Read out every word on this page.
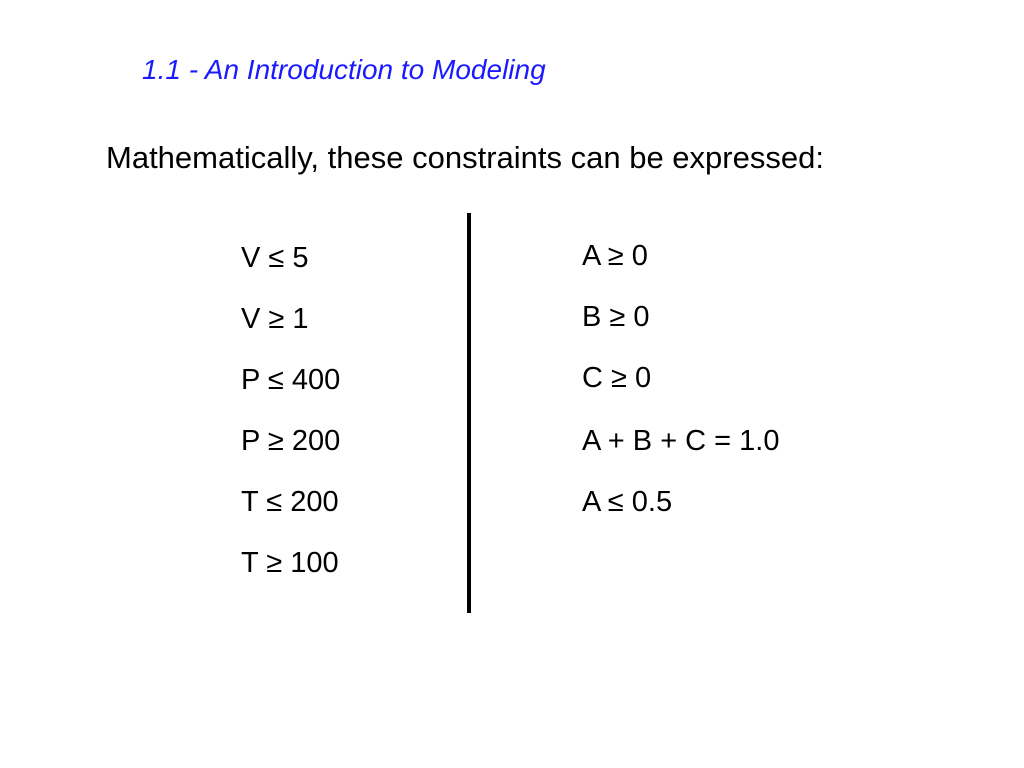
1.1 - An Introduction to Modeling
Mathematically, these constraints can be expressed:
V ≤ 5
V ≥ 1
P ≤ 400
P ≥ 200
T ≤ 200
T ≥ 100
A ≥ 0
B ≥ 0
C ≥ 0
A + B + C = 1.0
A ≤ 0.5
